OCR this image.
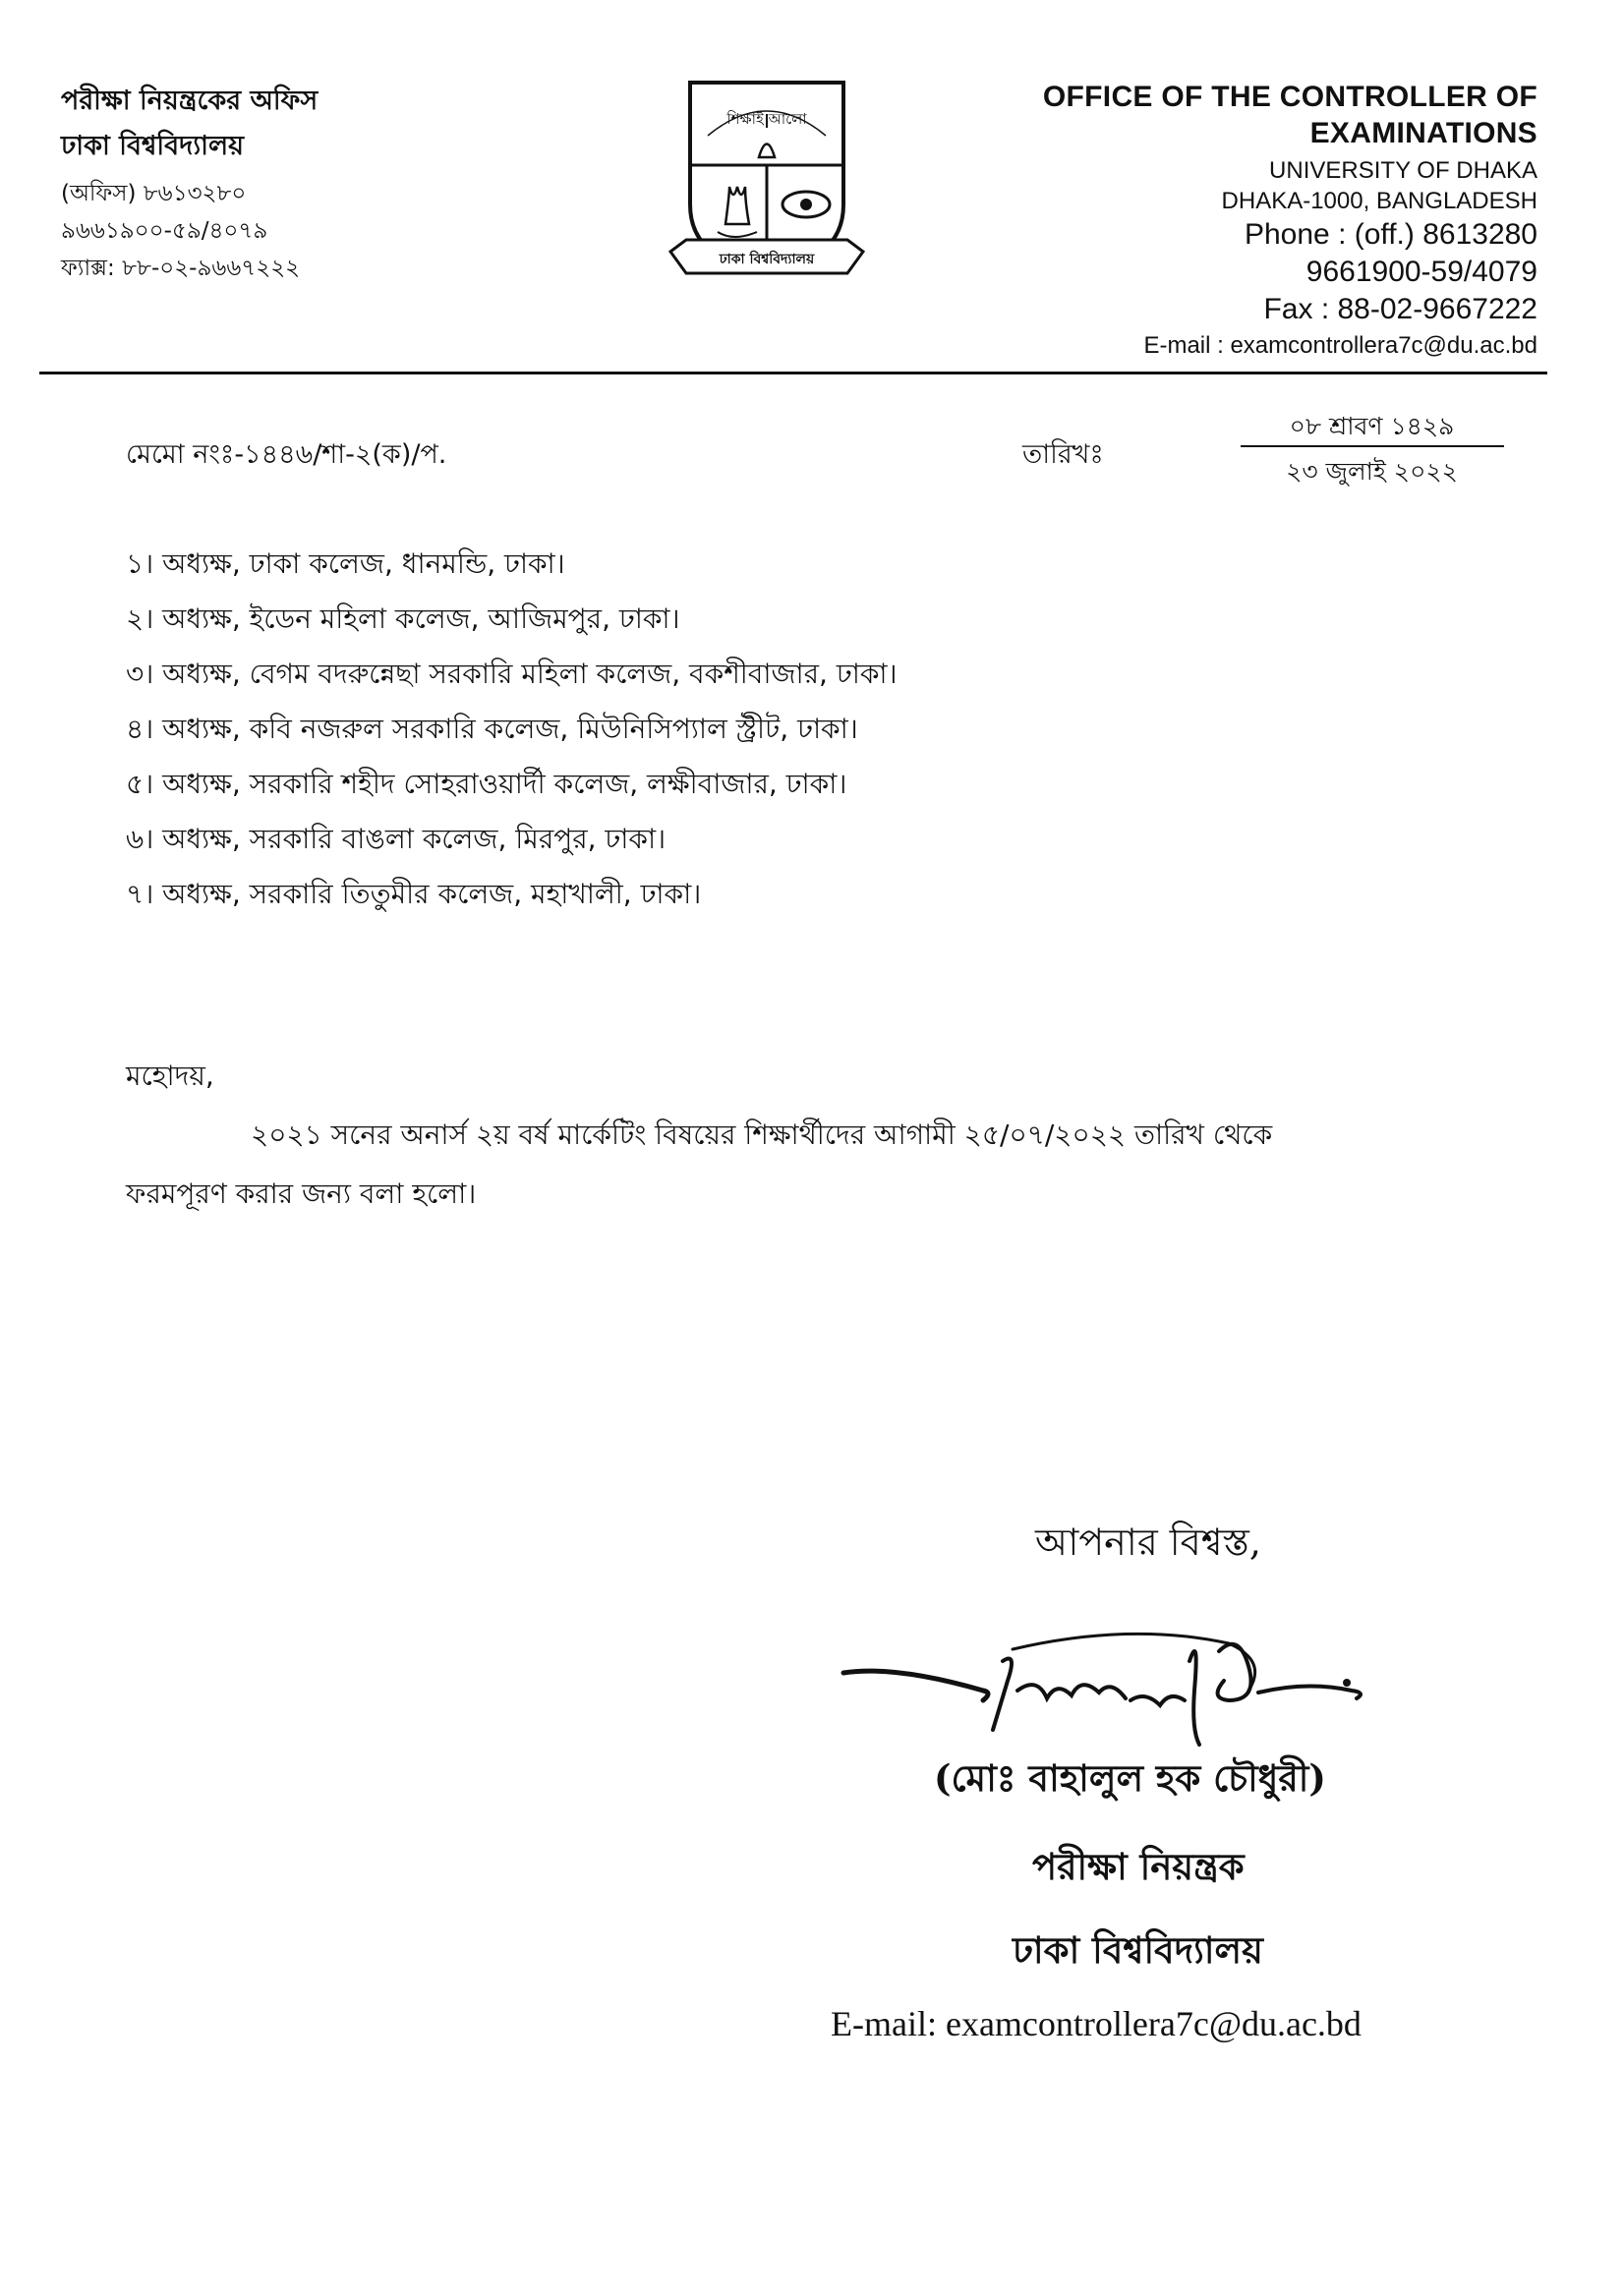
পরীক্ষা নিয়ন্ত্রকের অফিস
ঢাকা বিশ্ববিদ্যালয়
(অফিস) ৮৬১৩২৮০
৯৬৬১৯০০-৫৯/৪০৭৯
ফ্যাক্স: ৮৮-০২-৯৬৬৭২২২
শিক্ষাই আলো
ঢাকা বিশ্ববিদ্যালয়
OFFICE OF THE CONTROLLER OF
EXAMINATIONS
UNIVERSITY OF DHAKA
DHAKA-1000, BANGLADESH
Phone : (off.) 8613280
9661900-59/4079
Fax : 88-02-9667222
E-mail : examcontrollera7c@du.ac.bd
মেমো নংঃ-১৪৪৬/শা-২(ক)/প.	তারিখঃ
০৮ শ্রাবণ ১৪২৯
২৩ জুলাই ২০২২
১। অধ্যক্ষ, ঢাকা কলেজ, ধানমন্ডি, ঢাকা।
২। অধ্যক্ষ, ইডেন মহিলা কলেজ, আজিমপুর, ঢাকা।
৩। অধ্যক্ষ, বেগম বদরুন্নেছা সরকারি মহিলা কলেজ, বকশীবাজার, ঢাকা।
৪। অধ্যক্ষ, কবি নজরুল সরকারি কলেজ, মিউনিসিপ্যাল স্ট্রীট, ঢাকা।
৫। অধ্যক্ষ, সরকারি শহীদ সোহরাওয়ার্দী কলেজ, লক্ষীবাজার, ঢাকা।
৬। অধ্যক্ষ, সরকারি বাঙলা কলেজ, মিরপুর, ঢাকা।
৭। অধ্যক্ষ, সরকারি তিতুমীর কলেজ, মহাখালী, ঢাকা।
মহোদয়,
২০২১ সনের অনার্স ২য় বর্ষ মার্কেটিং বিষয়ের শিক্ষার্থীদের আগামী ২৫/০৭/২০২২ তারিখ থেকে
ফরমপূরণ করার জন্য বলা হলো।
আপনার বিশ্বস্ত,
(মোঃ বাহালুল হক চৌধুরী)
পরীক্ষা নিয়ন্ত্রক
ঢাকা বিশ্ববিদ্যালয়
E-mail: examcontrollera7c@du.ac.bd
